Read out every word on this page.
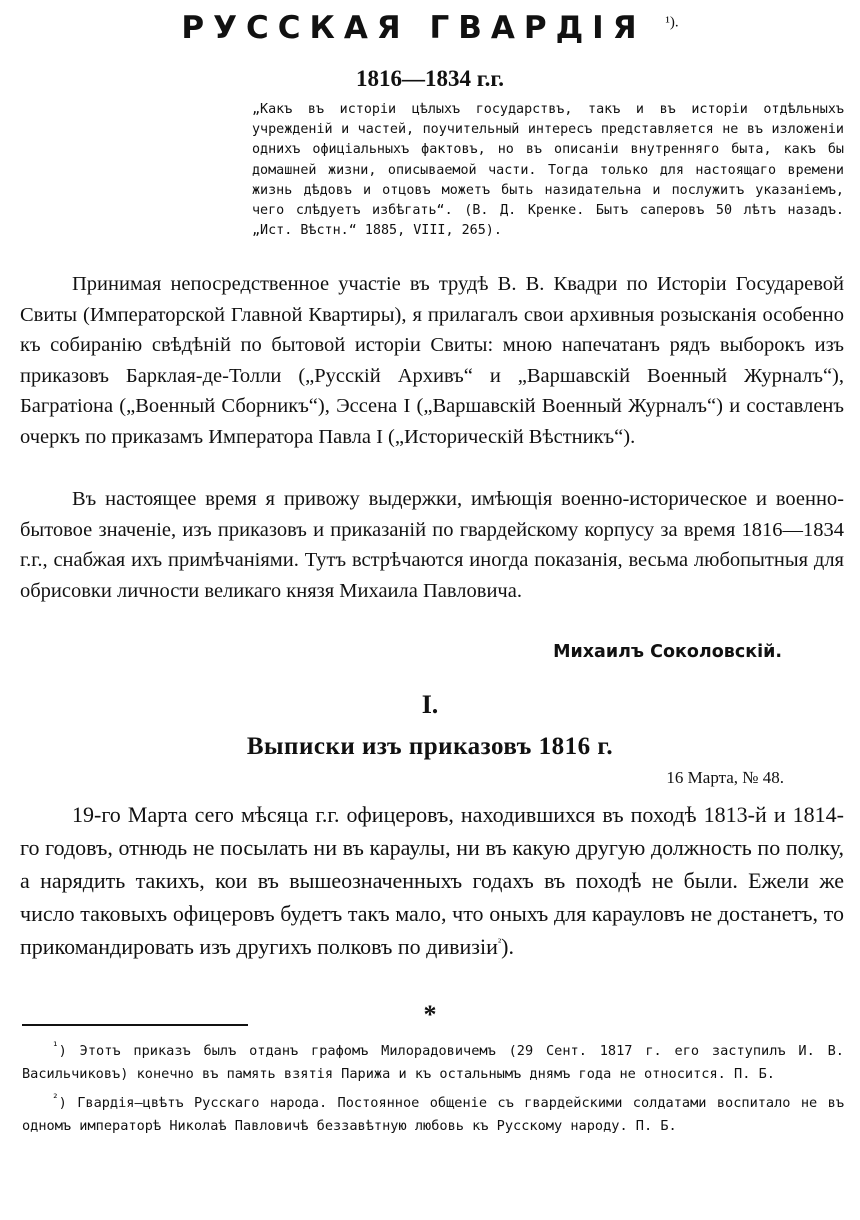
РУССКАЯ ГВАРДІЯ $^{^1).}$
1816—1834 г.г.
„Какъ въ исторіи цѣлыхъ государствъ, такъ и въ исторіи отдѣльныхъ учрежденій и частей, поучительный интересъ представляется не въ изложеніи однихъ офиціальныхъ фактовъ, но въ описаніи внутренняго быта, какъ бы домашней жизни, описываемой части. Тогда только для настоящаго времени жизнь дѣдовъ и отцовъ можетъ быть назидательна и послужитъ указаніемъ, чего слѣдуетъ избѣгать“. (В. Д. Кренке. Бытъ саперовъ 50 лѣтъ назадъ. „Ист. Вѣстн.“ 1885, VIII, 265).

Принимая непосредственное участіе въ трудѣ В. В. Квадри по Исторіи Государевой Свиты (Императорской Главной Квартиры), я прилагалъ свои архивныя розысканія особенно къ собиранію свѣдѣній по бытовой исторіи Свиты: мною напечатанъ рядъ выборокъ изъ приказовъ Барклая-де-Толли („Русскій Архивъ“ и „Варшавскій Военный Журналъ“), Багратіона („Военный Сборникъ“), Эссена I („Варшавскій Военный Журналъ“) и составленъ очеркъ по приказамъ Императора Павла I („Историческій Вѣстникъ“).

Въ настоящее время я привожу выдержки, имѣющія военно-историческое и военно-бытовое значеніе, изъ приказовъ и приказаній по гвардейскому корпусу за время 1816—1834 г.г., снабжая ихъ примѣчаніями. Тутъ встрѣчаются иногда показанія, весьма любопытныя для обрисовки личности великаго князя Михаила Павловича.

Михаилъ Соколовскій.
I.
Выписки изъ приказовъ 1816 г.
16 Марта, № 48.

19-го Марта сего мѣсяца г.г. офицеровъ, находившихся въ походѣ 1813-й и 1814-го годовъ, отнюдь не посылать ни въ караулы, ни въ какую другую должность по полку, а нарядить такихъ, кои въ вышеозначенныхъ годахъ въ походѣ не были. Ежели же число таковыхъ офицеровъ будетъ такъ мало, что оныхъ для карауловъ не достанетъ, то прикомандировать изъ другихъ полковъ по дивизіи$^{^2}$).

*

$^{^1}$) Этотъ приказъ былъ отданъ графомъ Милорадовичемъ (29 Сент. 1817 г. его заступилъ И. В. Васильчиковъ) конечно въ память взятія Парижа и къ остальнымъ днямъ года не относится. П. Б.

$^{^2}$) Гвардія—цвѣтъ Русскаго народа. Постоянное общеніе съ гвардейскими солдатами воспитало не въ одномъ императорѣ Николаѣ Павловичѣ беззавѣтную любовь къ Русскому народу. П. Б.
